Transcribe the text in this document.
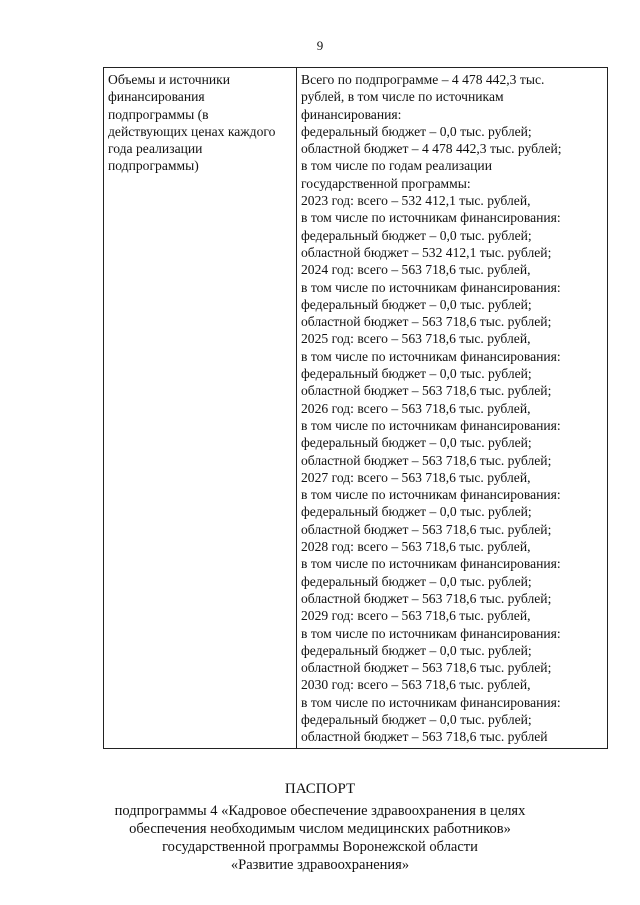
9
Объемы и источники
финансирования
подпрограммы (в
действующих ценах каждого
года реализации
подпрограммы)

Всего по подпрограмме – 4 478 442,3 тыс.
рублей, в том числе по источникам
финансирования:
федеральный бюджет – 0,0 тыс. рублей;
областной бюджет – 4 478 442,3 тыс. рублей;
в том числе по годам реализации
государственной программы:
2023 год: всего – 532 412,1 тыс. рублей,
в том числе по источникам финансирования:
федеральный бюджет – 0,0 тыс. рублей;
областной бюджет – 532 412,1 тыс. рублей;
2024 год: всего – 563 718,6 тыс. рублей,
в том числе по источникам финансирования:
федеральный бюджет – 0,0 тыс. рублей;
областной бюджет – 563 718,6 тыс. рублей;
2025 год: всего – 563 718,6 тыс. рублей,
в том числе по источникам финансирования:
федеральный бюджет – 0,0 тыс. рублей;
областной бюджет – 563 718,6 тыс. рублей;
2026 год: всего – 563 718,6 тыс. рублей,
в том числе по источникам финансирования:
федеральный бюджет – 0,0 тыс. рублей;
областной бюджет – 563 718,6 тыс. рублей;
2027 год: всего – 563 718,6 тыс. рублей,
в том числе по источникам финансирования:
федеральный бюджет – 0,0 тыс. рублей;
областной бюджет – 563 718,6 тыс. рублей;
2028 год: всего – 563 718,6 тыс. рублей,
в том числе по источникам финансирования:
федеральный бюджет – 0,0 тыс. рублей;
областной бюджет – 563 718,6 тыс. рублей;
2029 год: всего – 563 718,6 тыс. рублей,
в том числе по источникам финансирования:
федеральный бюджет – 0,0 тыс. рублей;
областной бюджет – 563 718,6 тыс. рублей;
2030 год: всего – 563 718,6 тыс. рублей,
в том числе по источникам финансирования:
федеральный бюджет – 0,0 тыс. рублей;
областной бюджет – 563 718,6 тыс. рублей
ПАСПОРТ
подпрограммы 4 «Кадровое обеспечение здравоохранения в целях
обеспечения необходимым числом медицинских работников»
государственной программы Воронежской области
«Развитие здравоохранения»
